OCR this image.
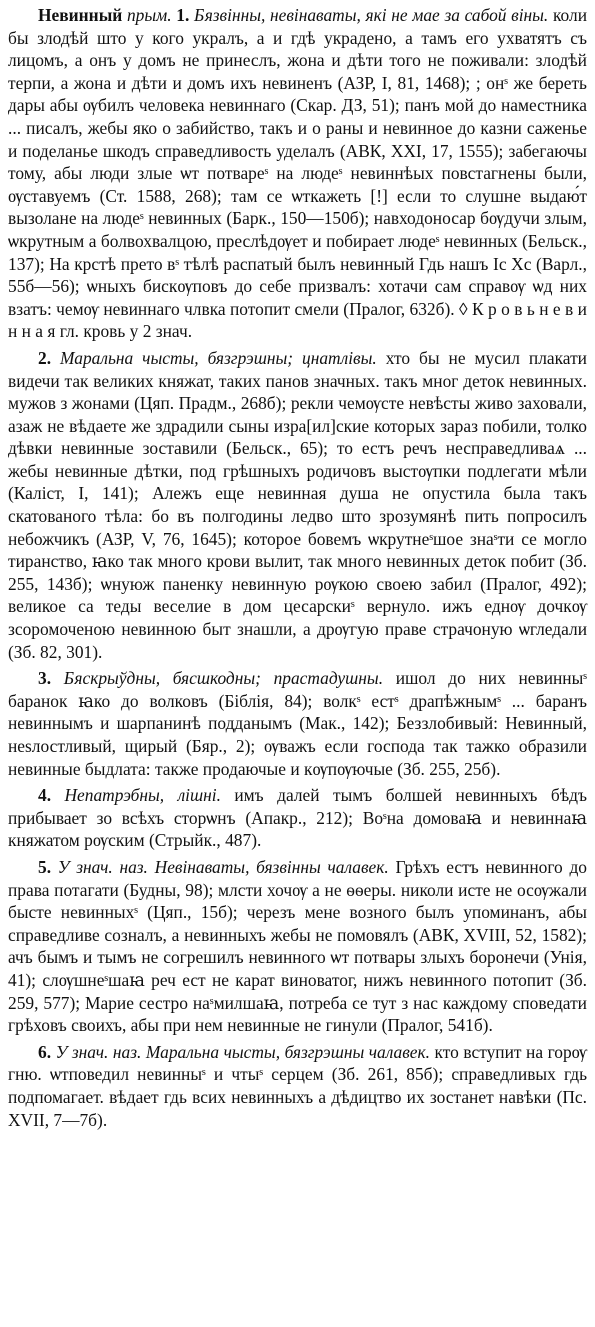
Невинный прым. 1. Бязвінны, невінаваты, які не мае за сабой віны. коли бы злодѣй што у кого укралъ, а и гдѣ украдено, а тамъ его ухватятъ съ лицомъ, а онъ у домъ не принеслъ, жона и дѣти того не поживали: злодѣй терпи, а жона и дѣти и домъ ихъ невиненъ (АЗР, I, 81, 1468); ; онˢ же береть дары абы ѹбилъ человека невиннаго (Скар. ДЗ, 51); панъ мой до наместника ... писалъ, жебы яко о забийство, такъ и о раны и невинное до казни саженье и поделанье шкодъ справедливость уделалъ (АВК, XXI, 17, 1555); забегаючы тому, абы люди злые ѡт потвареˢ на людеˢ невиннѣых повстагнены были, ѹставуемъ (Ст. 1588, 268); там се ѡткажеть [!] если то слушне выдаю́т вызолане на людеˢ невинных (Барк., 150—150б); навходоносар бѹдучи злым, ѡкрутным а болвохвалцою, преслѣдѹет и побирает людеˢ невинных (Бельск., 137); На крстѣ прето вˢ тѣлѣ распатый былъ невинный Гдь нашъ Іс Хс (Варл., 55б—56); ѡныхъ бискѹповъ до себе призвалъ: хотачи сам справѹ ѡд них взатъ: чемѹ невиннаго члвка потопит смели (Пралог, 632б). ◊ К р о в ь н е в и н н а я гл. кровь у 2 знач.

2. Маральна чысты, бязгрэшны; цнатлівы. хто бы не мусил плакати видечи так великих княжат, таких панов значных. такъ мног деток невинных. мужов з жонами (Цяп. Прадм., 268б); рекли чемѹсте невѣсты живо заховали, азаж не вѣдаете же здрадили сыны изра[ил]ские которых зараз побили, толко дѣвки невинные зоставили (Бельск., 65); то естъ речъ несправедливаѧ ... жебы невинные дѣтки, под грѣшныхъ родичовъ выстѹпки подлегати мѣли (Каліст, I, 141); Алежъ еще невинная душа не опустила была такъ скатованого тѣла: бо въ полгодины ледво што зрозумянѣ пить попросилъ небожчикъ (АЗР, V, 76, 1645); которое бовемъ ѡкрутнеˢшое знаˢти се могло тиранство, ꙗко так много крови вылит, так много невинных деток побит (Зб. 255, 143б); ѡнуюж паненку невинную рѹкою своею забил (Пралог, 492); великое са теды веселие в дом цесарскиˢ вернуло. ижъ еднѹ дочкѹ зсоромоченою невинною быт знашли, а дрѹгую праве страчоную ѡгледали (Зб. 82, 301).

3. Бяскрыўдны, бясшкодны; прастадушны. ишол до них невинныˢ баранок ꙗко до волковъ (Біблія, 84); волкˢ естˢ драпѣжнымˢ ... баранъ невиннымъ и шарпанинѣ подданымъ (Мак., 142); Беззлобивый: Невинный, неѕлостливый, щирый (Бяр., 2); ѹважъ если господа так тажко образили невинные быдлата: также продаючые и кѹпѹючые (Зб. 255, 25б).

4. Непатрэбны, лішні. имъ далей тымъ болшей невинныхъ бѣдъ прибывает зо всѣхъ сторѡнъ (Апакр., 212); Воˢна домоваꙗ и невиннаꙗ княжатом рѹским (Стрыйк., 487).

5. У знач. наз. Невінаваты, бязвінны чалавек. Грѣхъ естъ невинного до права потагати (Будны, 98); млсти хочѹ а не ѳѳеры. николи исте не осѹжали бысте невинныхˢ (Цяп., 15б); черезъ мене возного былъ упоминанъ, абы справедливе созналъ, а невинныхъ жебы не помовялъ (АВК, XVIII, 52, 1582); ачъ бымъ и тымъ не согрешилъ невинного ѡт потвары злыхъ боронечи (Унія, 41); слѹшнеˢшаꙗ реч ест не карат виноватог, нижъ невинного потопит (Зб. 259, 577); Марие сестро наˢмилшаꙗ, потреба се тут з нас каждому споведати грѣховъ своихъ, абы при нем невинные не гинули (Пралог, 541б).

6. У знач. наз. Маральна чысты, бязгрэшны чалавек. кто вступит на горѹ гню. ѡтповедил невинныˢ и чтыˢ серцем (Зб. 261, 85б); справедливых гдь подпомагает. вѣдает гдь всих невинныхъ а дѣдицтво их зостанет навѣки (Пс. XVII, 7—7б).
